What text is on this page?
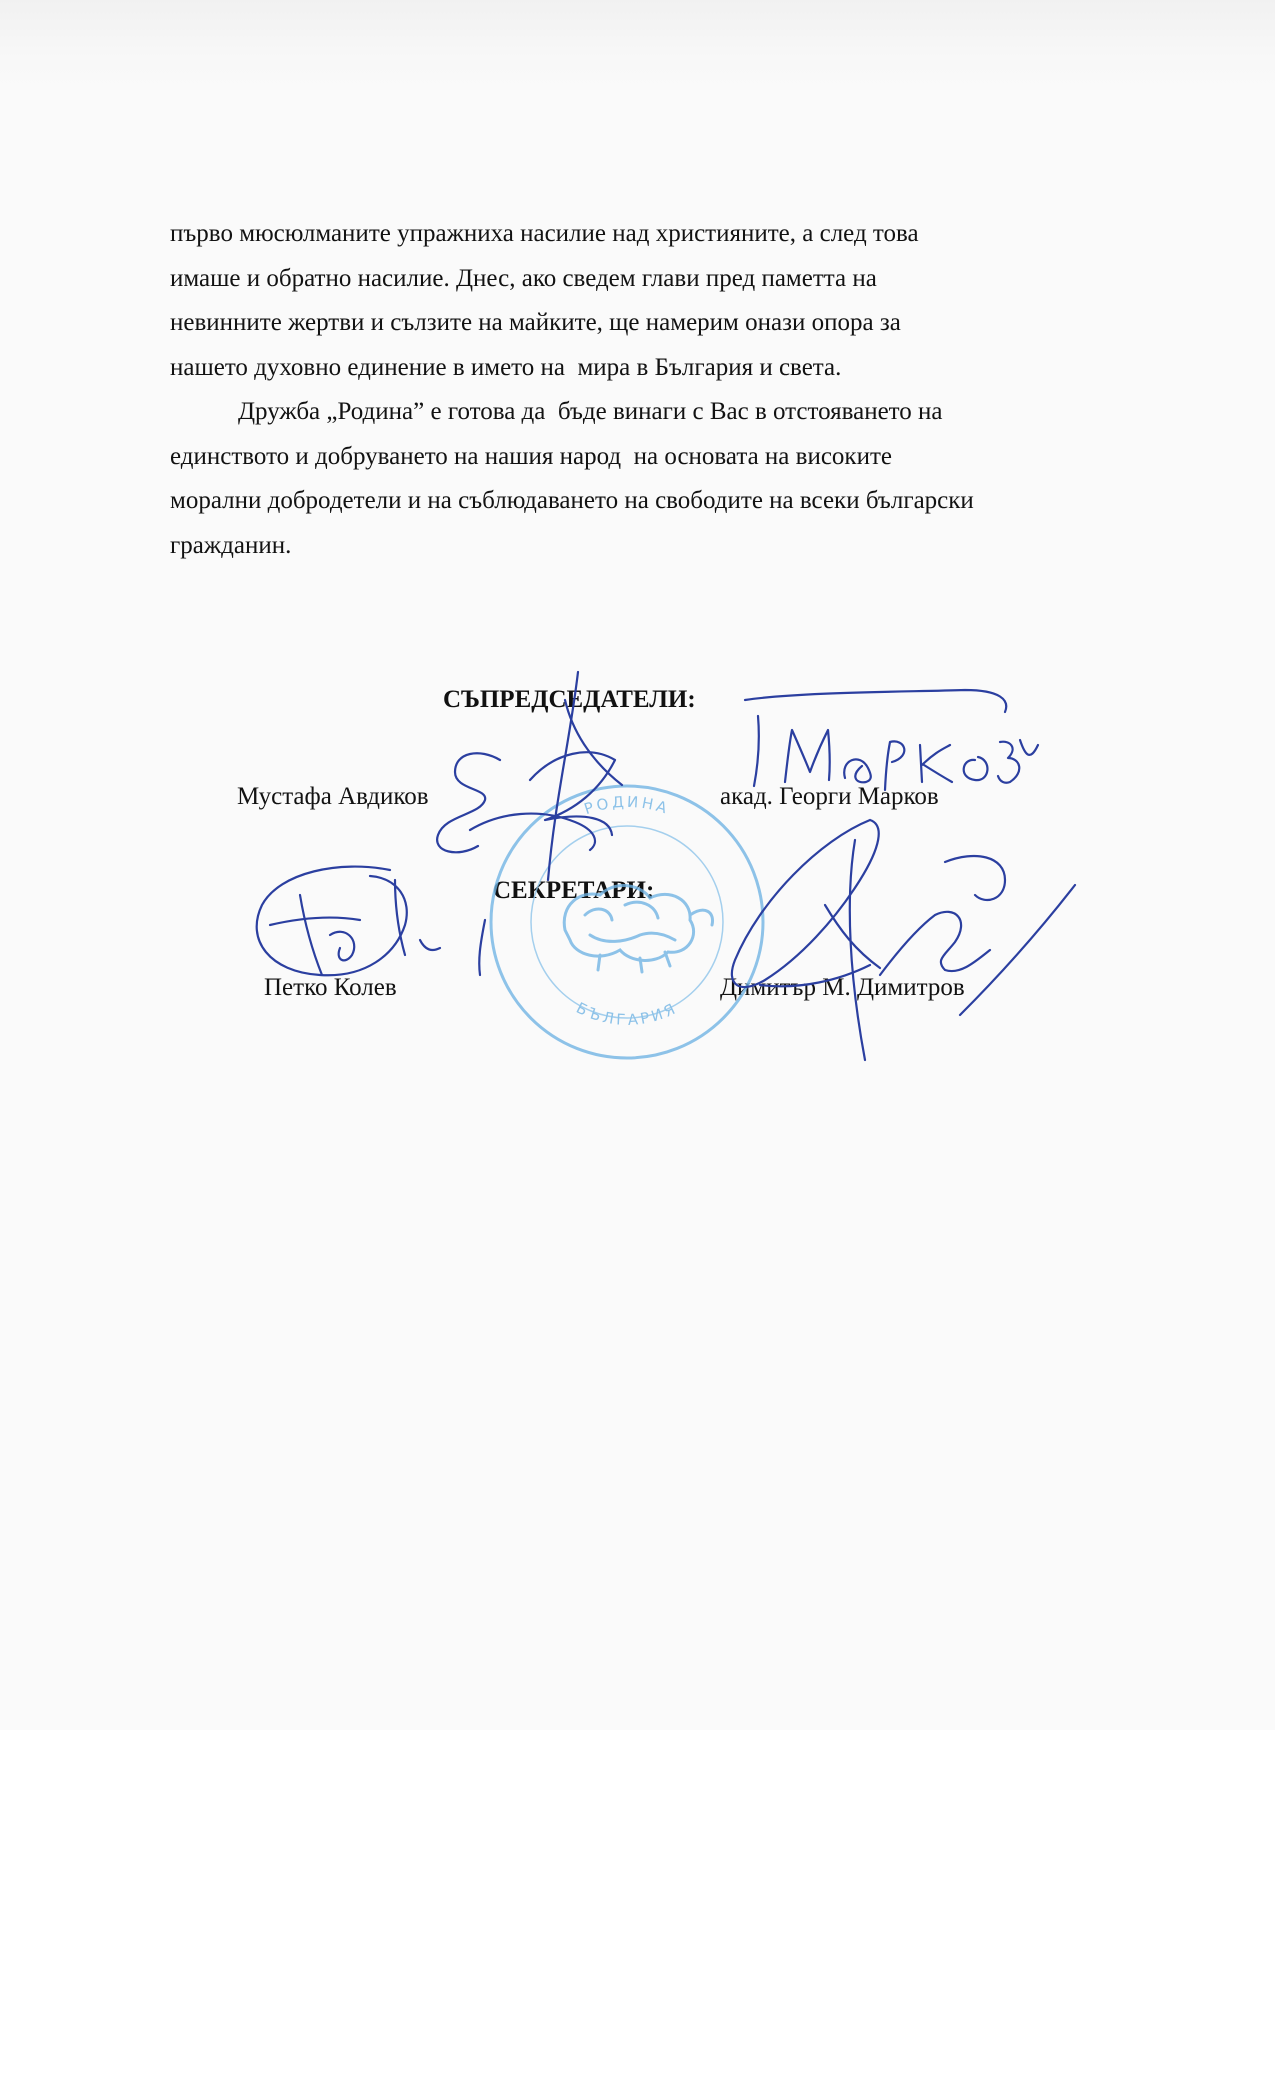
първо мюсюлманите упражниха насилие над християните, а след това

имаше и обратно насилие. Днес, ако сведем глави пред паметта на

невинните жертви и сълзите на майките, ще намерим онази опора за

нашето духовно единение в името на  мира в България и света.

Дружба „Родина” е готова да  бъде винаги с Вас в отстояването на

единството и добруването на нашия народ  на основата на високите

морални добродетели и на съблюдаването на свободите на всеки български

гражданин.

СЪПРЕДСЕДАТЕЛИ:
Мустафа Авдиков	акад. Георги Марков
СЕКРЕТАРИ:
Петко Колев	Димитър М. Димитров
РОДИНА
БЪЛГАРИЯ
